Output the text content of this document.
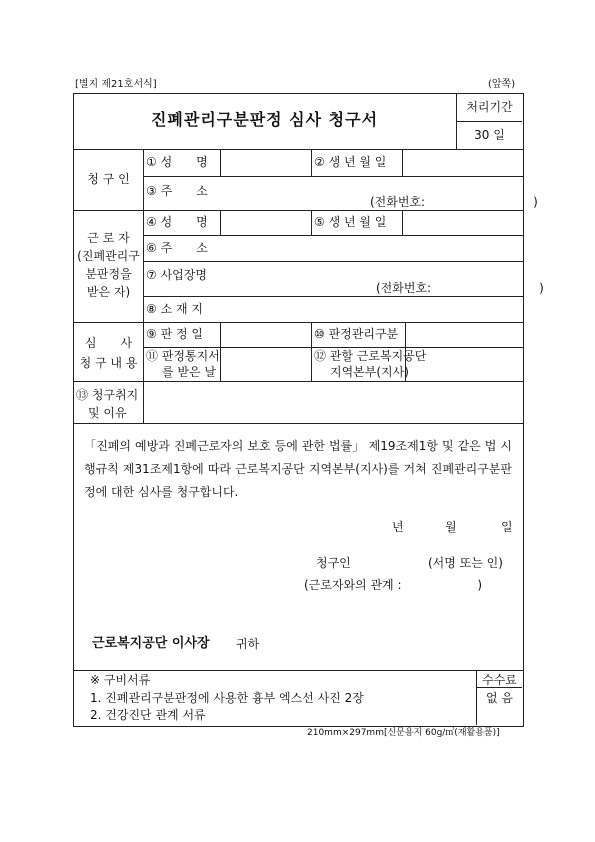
[별지 제21호서식]	(앞쪽)
진폐관리구분판정 심사 청구서
처리기간
30 일
청 구 인
① 성　　명	② 생 년 월 일
③ 주　　소
(전화번호:　　　　　　　　　)
근 로 자
(진폐관리구
분판정을
받은 자)
④ 성　　명	⑤ 생 년 월 일
⑥ 주　　소
⑦ 사업장명
(전화번호:　　　　　　　　　)
⑧ 소 재 지
심　　사
청 구 내 용
⑨ 판 정 일	⑩ 판정관리구분
⑪ 판정통지서
를 받은 날
⑫ 관할 근로복지공단
지역본부(지사)
⑬ 청구취지
및 이유
「진폐의 예방과 진폐근로자의 보호 등에 관한 법률」 제19조제1항 및 같은 법 시행규칙 제31조제1항에 따라 근로복지공단 지역본부(지사)를 거쳐 진폐관리구분판정에 대한 심사를 청구합니다.
년	월	일
청구인	(서명 또는 인)
(근로자와의 관계 :　　　　　　 )
근로복지공단 이사장 귀하
※ 구비서류
1. 진폐관리구분판정에 사용한 흉부 엑스선 사진 2장
2. 건강진단 관계 서류
수수료
없 음
210mm×297mm[신문용지 60g/㎡(재활용품)]
